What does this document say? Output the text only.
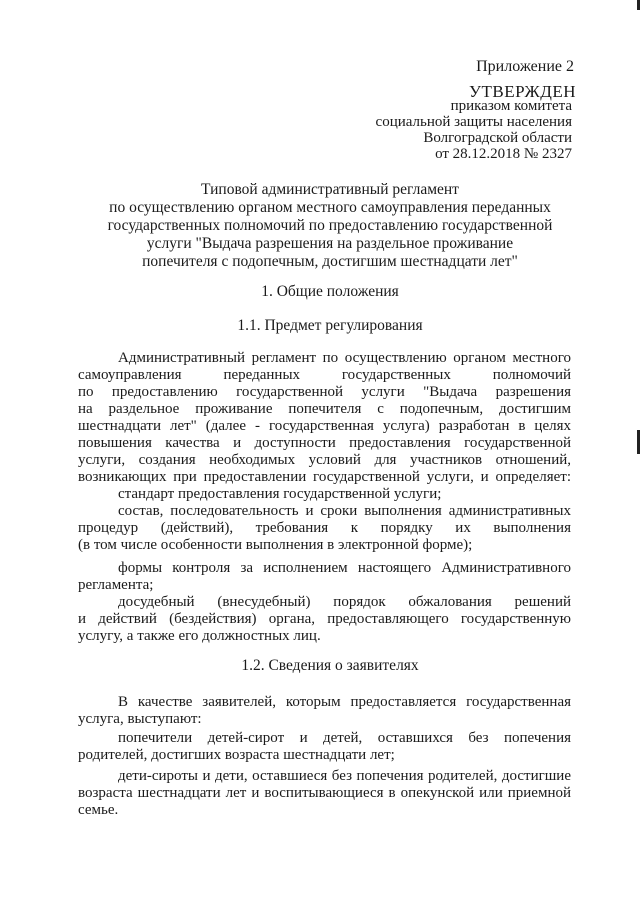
Приложение 2
УТВЕРЖДЕН
приказом комитета
социальной защиты населения
Волгоградской области
от 28.12.2018 № 2327
Типовой административный регламент
по осуществлению органом местного самоуправления переданных
государственных полномочий по предоставлению государственной
услуги "Выдача разрешения на раздельное проживание
попечителя с подопечным, достигшим шестнадцати лет"
1. Общие положения
1.1. Предмет регулирования
Административный регламент по осуществлению органом местного
самоуправления переданных государственных полномочий
по предоставлению государственной услуги "Выдача разрешения
на раздельное проживание попечителя с подопечным, достигшим
шестнадцати лет" (далее - государственная услуга) разработан в целях
повышения качества и доступности предоставления государственной
услуги, создания необходимых условий для участников отношений,
возникающих при предоставлении государственной услуги, и определяет:
стандарт предоставления государственной услуги;
состав, последовательность и сроки выполнения административных
процедур (действий), требования к порядку их выполнения
(в том числе особенности выполнения в электронной форме);
формы контроля за исполнением настоящего Административного
регламента;
досудебный (внесудебный) порядок обжалования решений
и действий (бездействия) органа, предоставляющего государственную
услугу, а также его должностных лиц.
1.2. Сведения о заявителях
В качестве заявителей, которым предоставляется государственная
услуга, выступают:
попечители детей-сирот и детей, оставшихся без попечения
родителей, достигших возраста шестнадцати лет;
дети-сироты и дети, оставшиеся без попечения родителей, достигшие
возраста шестнадцати лет и воспитывающиеся в опекунской или приемной
семье.
